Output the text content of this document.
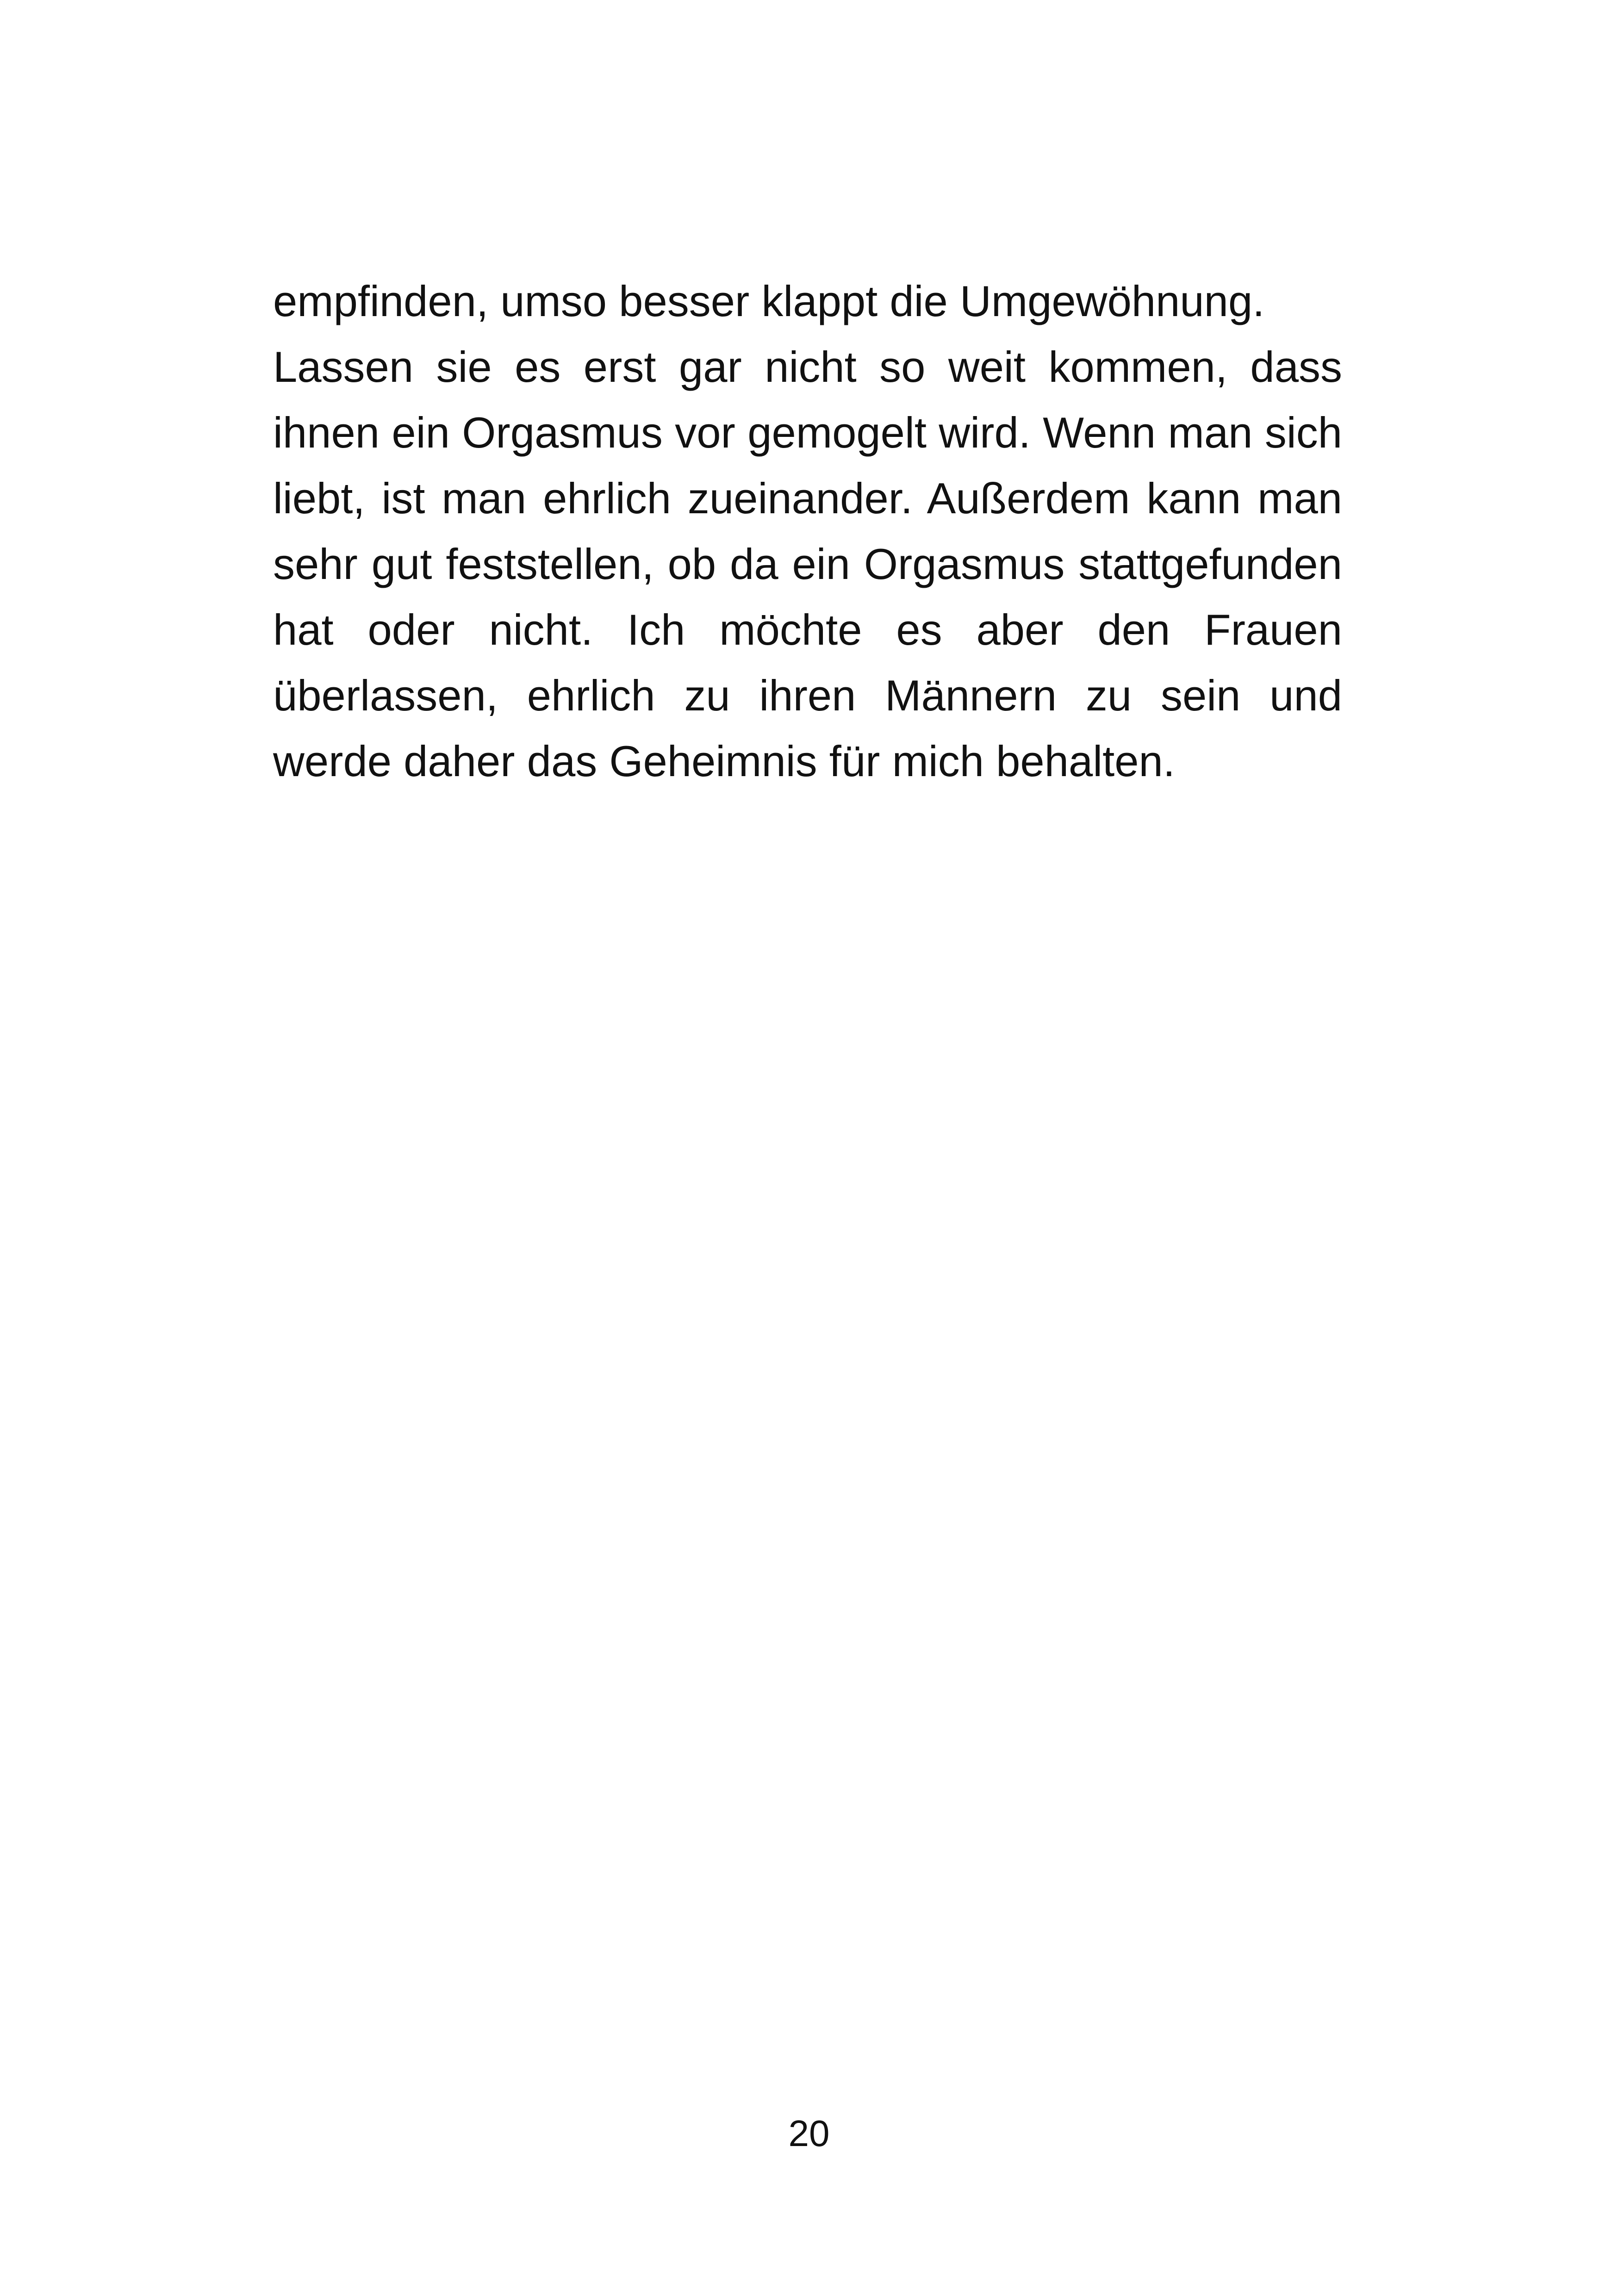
empfinden, umso besser klappt die Umgewöhnung.

Lassen sie es erst gar nicht so weit kommen, dass ihnen ein Orgasmus vor gemogelt wird. Wenn man sich liebt, ist man ehrlich zueinander. Außerdem kann man sehr gut feststellen, ob da ein Orgasmus stattgefunden hat oder nicht. Ich möchte es aber den Frauen überlassen, ehrlich zu ihren Männern zu sein und werde daher das Geheimnis für mich behalten.

20
